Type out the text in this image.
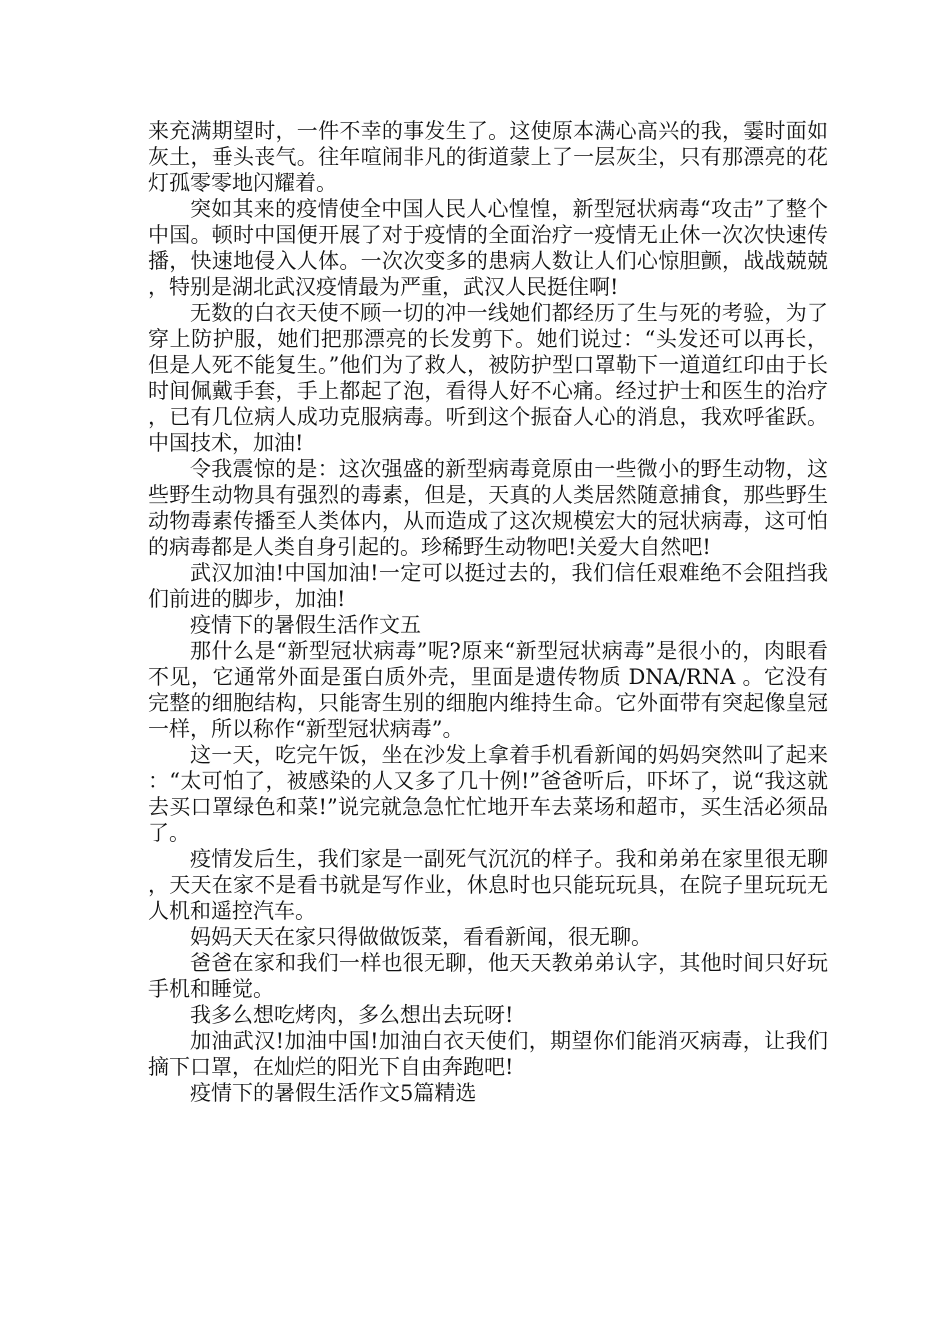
来充满期望时，一件不幸的事发生了。这使原本满心高兴的我，霎时面如灰土，垂头丧气。往年喧闹非凡的街道蒙上了一层灰尘，只有那漂亮的花灯孤零零地闪耀着。

突如其来的疫情使全中国人民人心惶惶，新型冠状病毒“攻击”了整个中国。顿时中国便开展了对于疫情的全面治疗一疫情无止休一次次快速传播，快速地侵入人体。一次次变多的患病人数让人们心惊胆颤，战战兢兢，特别是湖北武汉疫情最为严重，武汉人民挺住啊!

无数的白衣天使不顾一切的冲一线她们都经历了生与死的考验，为了穿上防护服，她们把那漂亮的长发剪下。她们说过：“头发还可以再长，但是人死不能复生。”他们为了救人，被防护型口罩勒下一道道红印由于长时间佩戴手套，手上都起了泡，看得人好不心痛。经过护士和医生的治疗，已有几位病人成功克服病毒。听到这个振奋人心的消息，我欢呼雀跃。中国技术，加油!

令我震惊的是：这次强盛的新型病毒竟原由一些微小的野生动物，这些野生动物具有强烈的毒素，但是，天真的人类居然随意捕食，那些野生动物毒素传播至人类体内，从而造成了这次规模宏大的冠状病毒，这可怕的病毒都是人类自身引起的。珍稀野生动物吧!关爱大自然吧!

武汉加油!中国加油!一定可以挺过去的，我们信任艰难绝不会阻挡我们前进的脚步，加油!

疫情下的暑假生活作文五

那什么是“新型冠状病毒”呢?原来“新型冠状病毒”是很小的，肉眼看不见，它通常外面是蛋白质外壳，里面是遗传物质 DNA/RNA 。它没有完整的细胞结构，只能寄生别的细胞内维持生命。它外面带有突起像皇冠一样，所以称作“新型冠状病毒”。

这一天，吃完午饭，坐在沙发上拿着手机看新闻的妈妈突然叫了起来：“太可怕了，被感染的人又多了几十例!”爸爸听后，吓坏了，说“我这就去买口罩绿色和菜!”说完就急急忙忙地开车去菜场和超市，买生活必须品了。

疫情发后生，我们家是一副死气沉沉的样子。我和弟弟在家里很无聊，天天在家不是看书就是写作业，休息时也只能玩玩具，在院子里玩玩无人机和遥控汽车。

妈妈天天在家只得做做饭菜，看看新闻，很无聊。

爸爸在家和我们一样也很无聊，他天天教弟弟认字，其他时间只好玩手机和睡觉。

我多么想吃烤肉，多么想出去玩呀!

加油武汉!加油中国!加油白衣天使们，期望你们能消灭病毒，让我们摘下口罩，在灿烂的阳光下自由奔跑吧!

疫情下的暑假生活作文5篇精选
